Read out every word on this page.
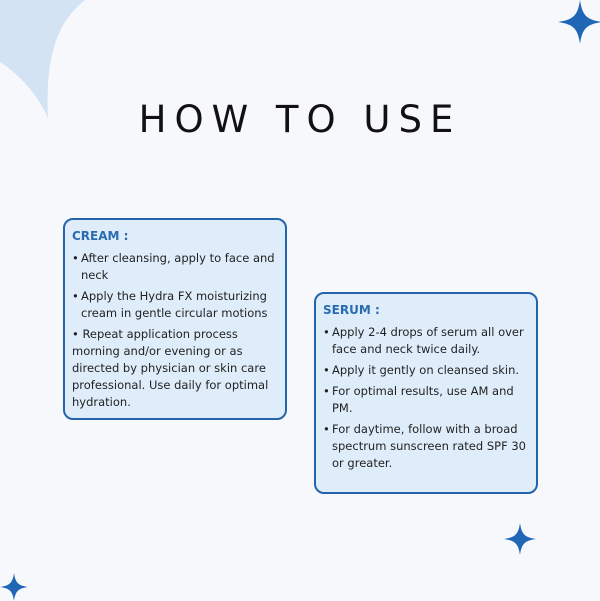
HOW TO USE
CREAM :
• After cleansing, apply to face and neck
• Apply the Hydra FX moisturizing cream in gentle circular motions
• Repeat application process morning and/or evening or as directed by physician or skin care professional. Use daily for optimal hydration.
SERUM :
• Apply 2-4 drops of serum all over face and neck twice daily.
• Apply it gently on cleansed skin.
• For optimal results, use AM and PM.
• For daytime, follow with a broad spectrum sunscreen rated SPF 30 or greater.
